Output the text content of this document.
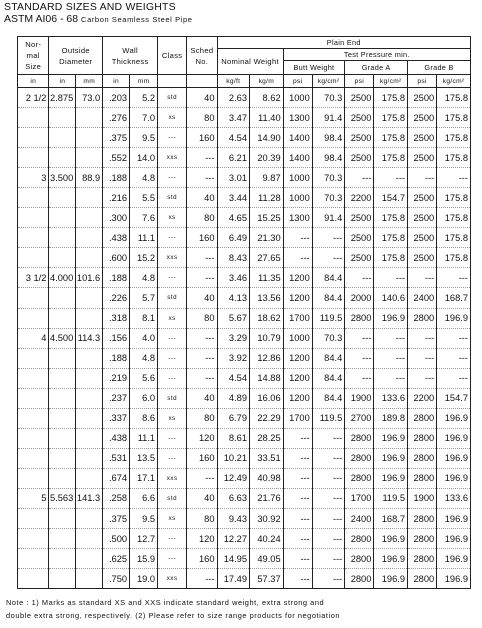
STANDARD SIZES AND WEIGHTS
ASTM AI06 - 68 Carbon Seamless Steel Pipe
Nor- mal Size	Outside Diameter		Wall Thickness		Class	Sched No.	Plain End							
							Nominal Weight		Test Pressure min.					
									Butt Weight		Grade A		Grade B	
in	in	mm	in	mm			kg/ft	kg/m	psi	kg/cm²	psi	kg/cm²	psi	kg/cm²
2 1/2	2.875	73.0	.203	5.2	std	40	2.63	8.62	1000	70.3	2500	175.8	2500	175.8
			.276	7.0	xs	80	3.47	11.40	1300	91.4	2500	175.8	2500	175.8
			.375	9.5	---	160	4.54	14.90	1400	98.4	2500	175.8	2500	175.8
			.552	14.0	xxs	---	6.21	20.39	1400	98.4	2500	175.8	2500	175.8
3	3.500	88.9	.188	4.8	---	---	3.01	9.87	1000	70.3	---	---	---	---
			.216	5.5	std	40	3.44	11.28	1000	70.3	2200	154.7	2500	175.8
			.300	7.6	xs	80	4.65	15.25	1300	91.4	2500	175.8	2500	175.8
			.438	11.1	---	160	6.49	21.30	---	---	2500	175.8	2500	175.8
			.600	15.2	xxs	---	8.43	27.65	---	---	2500	175.8	2500	175.8
3 1/2	4.000	101.6	.188	4.8	---	---	3.46	11.35	1200	84.4	---	---	---	---
			.226	5.7	std	40	4.13	13.56	1200	84.4	2000	140.6	2400	168.7
			.318	8.1	xs	80	5.67	18.62	1700	119.5	2800	196.9	2800	196.9
4	4.500	114.3	.156	4.0	---	---	3.29	10.79	1000	70.3	---	---	---	---
			.188	4.8	---	---	3.92	12.86	1200	84.4	---	---	---	---
			.219	5.6	---	---	4.54	14.88	1200	84.4	---	---	---	---
			.237	6.0	std	40	4.89	16.06	1200	84.4	1900	133.6	2200	154.7
			.337	8.6	xs	80	6.79	22.29	1700	119.5	2700	189.8	2800	196.9
			.438	11.1	---	120	8.61	28.25	---	---	2800	196.9	2800	196.9
			.531	13.5	---	160	10.21	33.51	---	---	2800	196.9	2800	196.9
			.674	17.1	xxs	---	12.49	40.98	---	---	2800	196.9	2800	196.9
5	5.563	141.3	.258	6.6	std	40	6.63	21.76	---	---	1700	119.5	1900	133.6
			.375	9.5	xs	80	9.43	30.92	---	---	2400	168.7	2800	196.9
			.500	12.7	---	120	12.27	40.24	---	---	2800	196.9	2800	196.9
			.625	15.9	---	160	14.95	49.05	---	---	2800	196.9	2800	196.9
			.750	19.0	xxs	---	17.49	57.37	---	---	2800	196.9	2800	196.9
Note : 1) Marks as standard XS and XXS indicate standard weight, extra strong and
double extra strong, respectively. (2) Please refer to size range products for negotiation
